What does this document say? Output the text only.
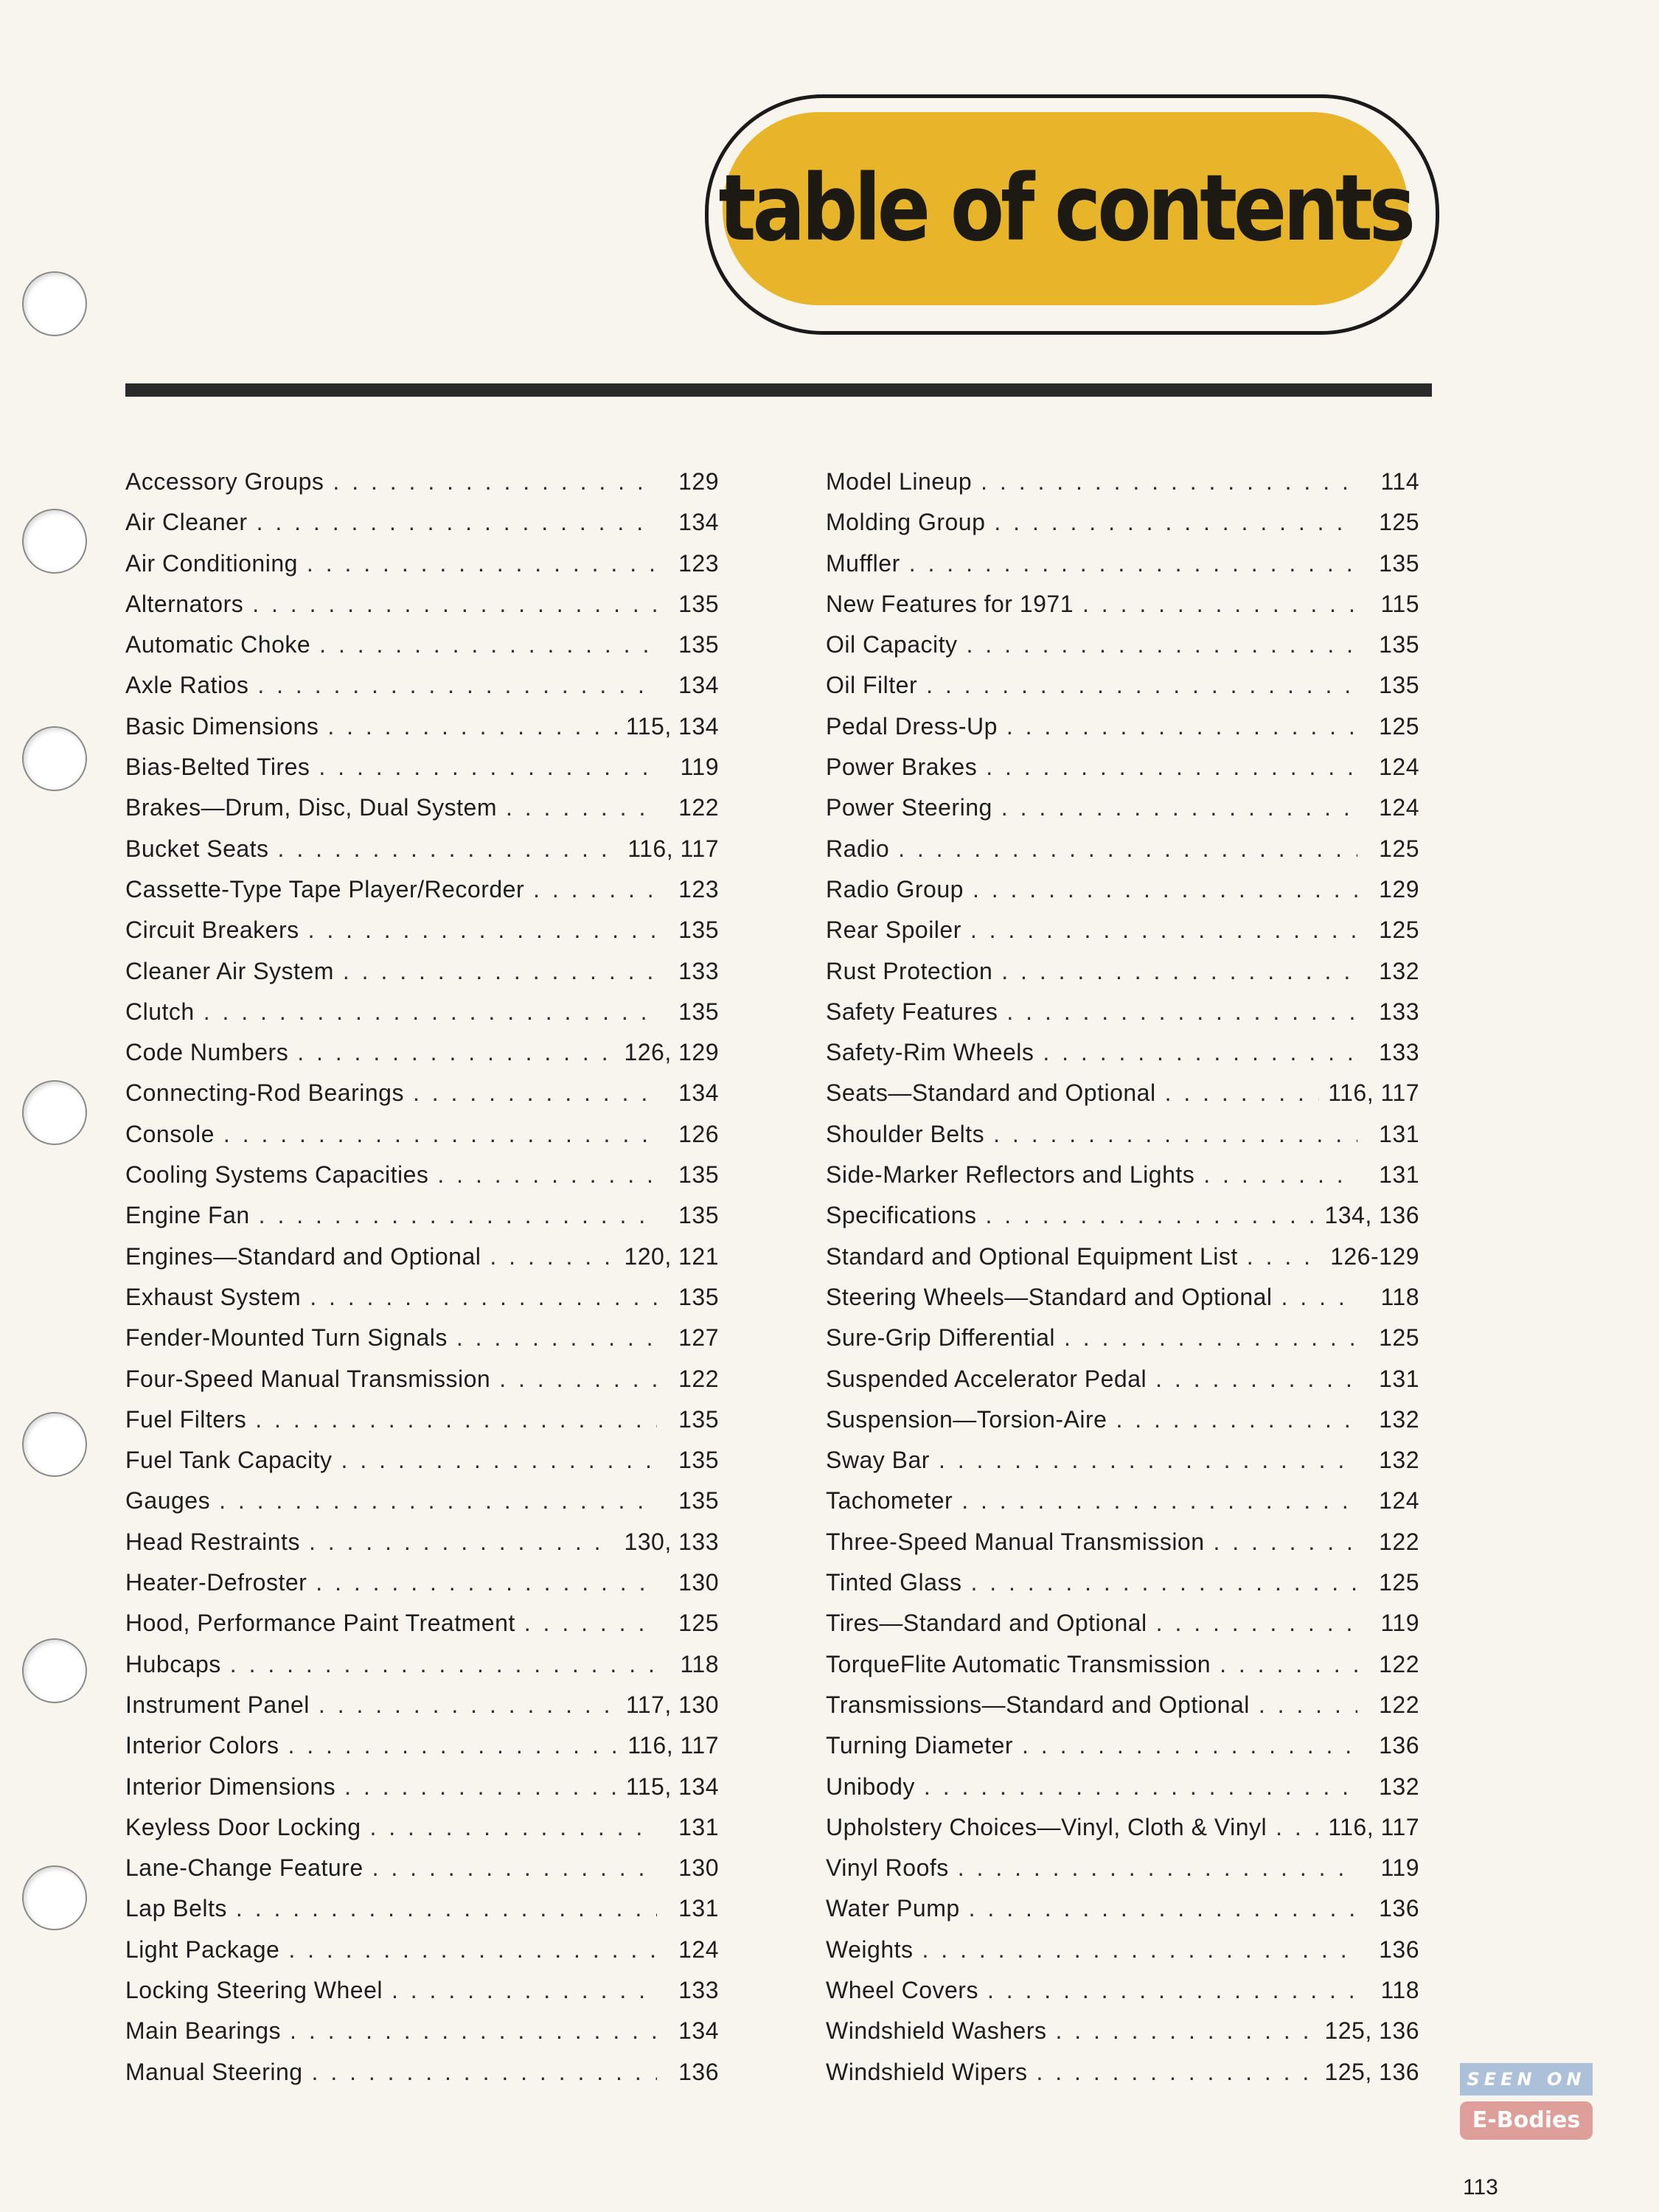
table of contents
Accessory Groups . . .	129
Air Cleaner . . .	134
Air Conditioning . . .	123
Alternators . . .	135
Automatic Choke . . .	135
Axle Ratios . . .	134
Basic Dimensions . . .	115, 134
Bias-Belted Tires . . .	119
Brakes—Drum, Disc, Dual System . . .	122
Bucket Seats . . .	116, 117
Cassette-Type Tape Player/Recorder . . .	123
Circuit Breakers . . .	135
Cleaner Air System . . .	133
Clutch . . .	135
Code Numbers . . .	126, 129
Connecting-Rod Bearings . . .	134
Console . . .	126
Cooling Systems Capacities . . .	135
Engine Fan . . .	135
Engines—Standard and Optional . . .	120, 121
Exhaust System . . .	135
Fender-Mounted Turn Signals . . .	127
Four-Speed Manual Transmission . . .	122
Fuel Filters . . .	135
Fuel Tank Capacity . . .	135
Gauges . . .	135
Head Restraints . . .	130, 133
Heater-Defroster . . .	130
Hood, Performance Paint Treatment . . .	125
Hubcaps . . .	118
Instrument Panel . . .	117, 130
Interior Colors . . .	116, 117
Interior Dimensions . . .	115, 134
Keyless Door Locking . . .	131
Lane-Change Feature . . .	130
Lap Belts . . .	131
Light Package . . .	124
Locking Steering Wheel . . .	133
Main Bearings . . .	134
Manual Steering . . .	136
Model Lineup . . .	114
Molding Group . . .	125
Muffler . . .	135
New Features for 1971 . . .	115
Oil Capacity . . .	135
Oil Filter . . .	135
Pedal Dress-Up . . .	125
Power Brakes . . .	124
Power Steering . . .	124
Radio . . .	125
Radio Group . . .	129
Rear Spoiler . . .	125
Rust Protection . . .	132
Safety Features . . .	133
Safety-Rim Wheels . . .	133
Seats—Standard and Optional . . .	116, 117
Shoulder Belts . . .	131
Side-Marker Reflectors and Lights . . .	131
Specifications . . .	134, 136
Standard and Optional Equipment List . . .	126-129
Steering Wheels—Standard and Optional . . .	118
Sure-Grip Differential . . .	125
Suspended Accelerator Pedal . . .	131
Suspension—Torsion-Aire . . .	132
Sway Bar . . .	132
Tachometer . . .	124
Three-Speed Manual Transmission . . .	122
Tinted Glass . . .	125
Tires—Standard and Optional . . .	119
TorqueFlite Automatic Transmission . . .	122
Transmissions—Standard and Optional . . .	122
Turning Diameter . . .	136
Unibody . . .	132
Upholstery Choices—Vinyl, Cloth & Vinyl . . .	116, 117
Vinyl Roofs . . .	119
Water Pump . . .	136
Weights . . .	136
Wheel Covers . . .	118
Windshield Washers . . .	125, 136
Windshield Wipers . . .	125, 136	SEEN ON
E-Bodies
113
